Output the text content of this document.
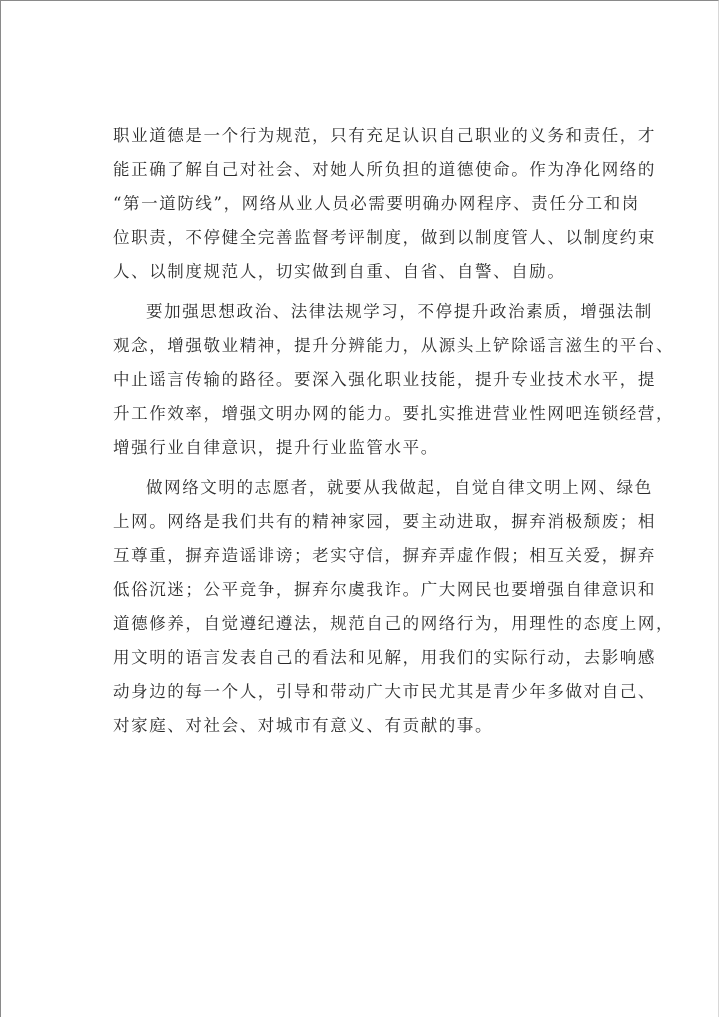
职业道德是一个行为规范，只有充足认识自己职业的义务和责任，才
能正确了解自己对社会、对她人所负担的道德使命。作为净化网络的
“第一道防线”，网络从业人员必需要明确办网程序、责任分工和岗
位职责，不停健全完善监督考评制度，做到以制度管人、以制度约束
人、以制度规范人，切实做到自重、自省、自警、自励。
要加强思想政治、法律法规学习，不停提升政治素质，增强法制
观念，增强敬业精神，提升分辨能力，从源头上铲除谣言滋生的平台、
中止谣言传输的路径。要深入强化职业技能，提升专业技术水平，提
升工作效率，增强文明办网的能力。要扎实推进营业性网吧连锁经营，
增强行业自律意识，提升行业监管水平。
做网络文明的志愿者，就要从我做起，自觉自律文明上网、绿色
上网。网络是我们共有的精神家园，要主动进取，摒弃消极颓废；相
互尊重，摒弃造谣诽谤；老实守信，摒弃弄虚作假；相互关爱，摒弃
低俗沉迷；公平竞争，摒弃尔虞我诈。广大网民也要增强自律意识和
道德修养，自觉遵纪遵法，规范自己的网络行为，用理性的态度上网，
用文明的语言发表自己的看法和见解，用我们的实际行动，去影响感
动身边的每一个人，引导和带动广大市民尤其是青少年多做对自己、
对家庭、对社会、对城市有意义、有贡献的事。
